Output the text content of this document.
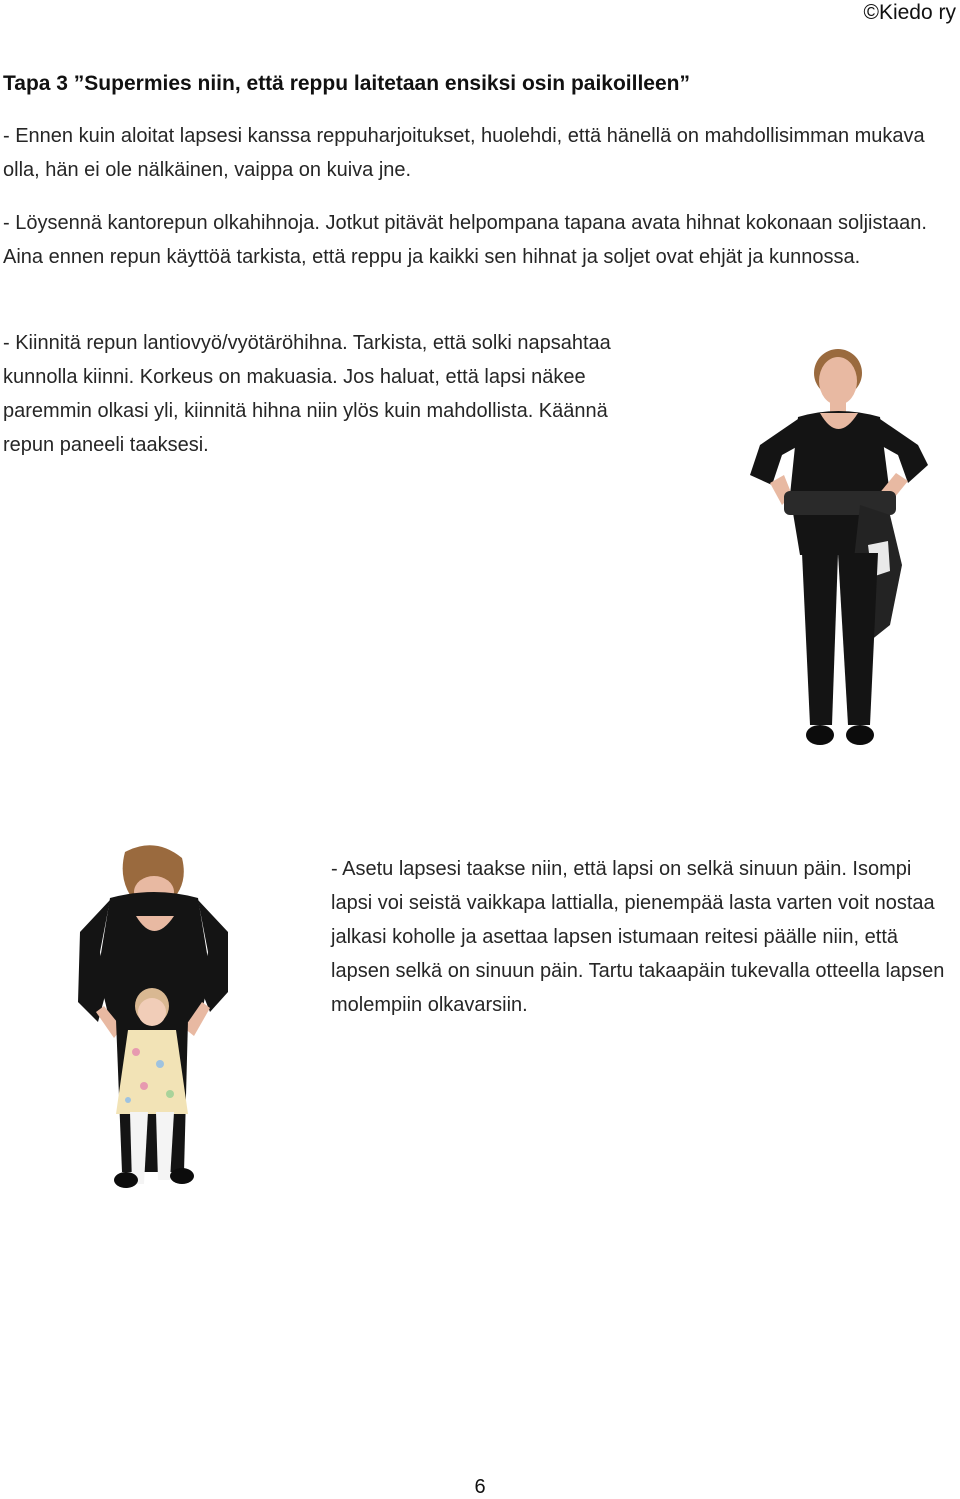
©Kiedo ry
Tapa 3 ”Supermies niin, että reppu laitetaan ensiksi osin paikoilleen”

- Ennen kuin aloitat lapsesi kanssa reppuharjoitukset, huolehdi, että hänellä on mahdollisimman mukava olla, hän ei ole nälkäinen, vaippa on kuiva jne.

- Löysennä kantorepun olkahihnoja. Jotkut pitävät helpompana tapana avata hihnat kokonaan soljistaan. Aina ennen repun käyttöä tarkista, että reppu ja kaikki sen hihnat ja soljet ovat ehjät ja kunnossa.

- Kiinnitä repun lantiovyö/vyötäröhihna. Tarkista, että solki napsahtaa kunnolla kiinni. Korkeus on makuasia. Jos haluat, että lapsi näkee paremmin olkasi yli, kiinnitä hihna niin ylös kuin mahdollista. Käännä repun paneeli taaksesi.

- Asetu lapsesi taakse niin, että lapsi on selkä sinuun päin. Isompi lapsi voi seistä vaikkapa lattialla, pienempää lasta varten voit nostaa jalkasi koholle ja asettaa lapsen istumaan reitesi päälle niin, että lapsen selkä on sinuun päin. Tartu takaapäin tukevalla otteella lapsen molempiin olkavarsiin.

6
